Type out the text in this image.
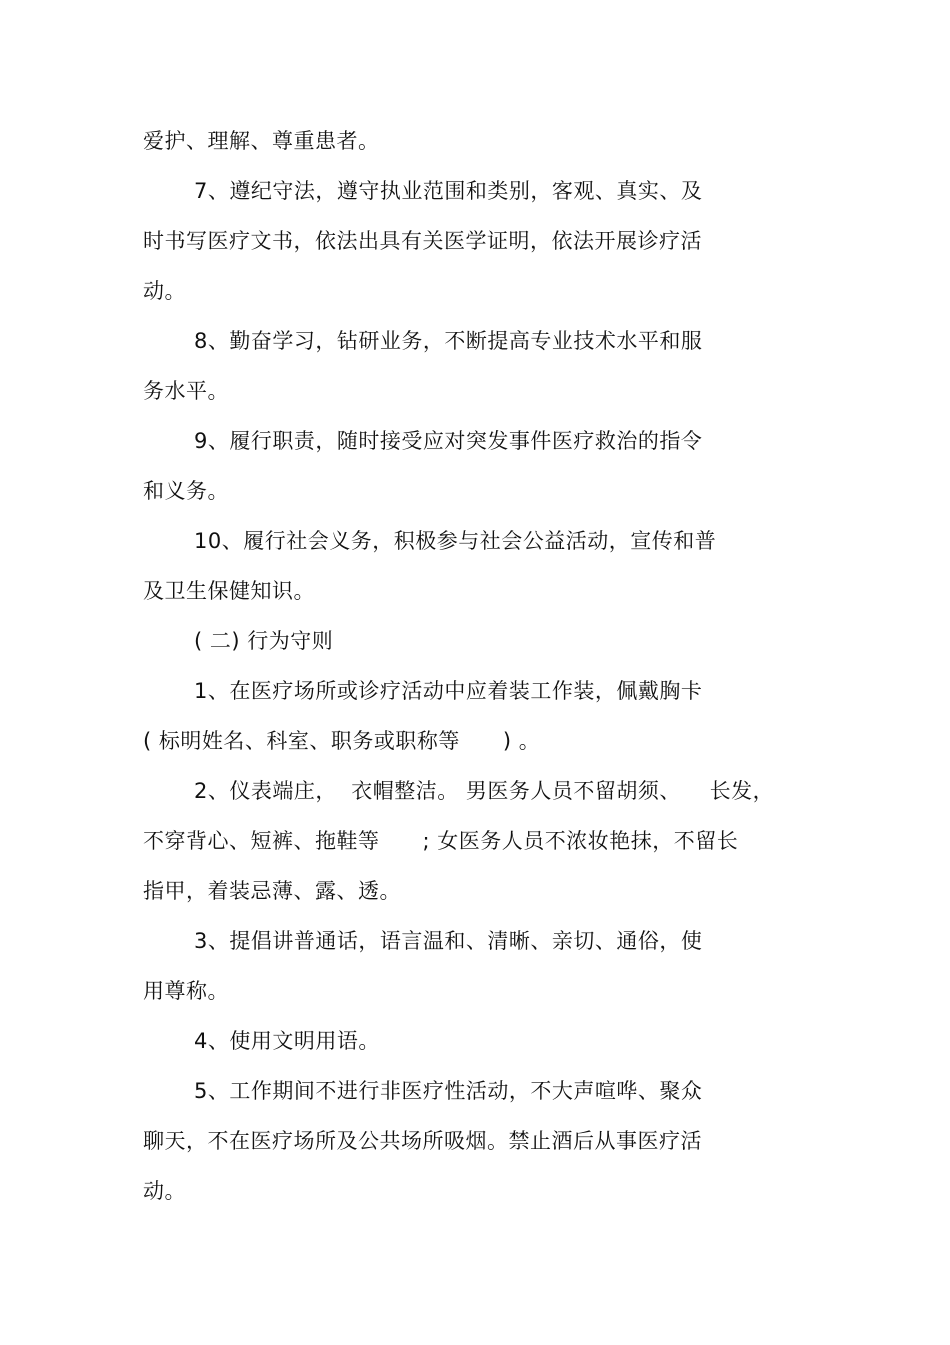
爱护、理解、尊重患者。
7、遵纪守法，遵守执业范围和类别，客观、真实、及
时书写医疗文书，依法出具有关医学证明，依法开展诊疗活
动。
8、勤奋学习，钻研业务，不断提高专业技术水平和服
务水平。
9、履行职责，随时接受应对突发事件医疗救治的指令
和义务。
10、履行社会义务，积极参与社会公益活动，宣传和普
及卫生保健知识。
( 二) 行为守则
1、在医疗场所或诊疗活动中应着装工作装，佩戴胸卡
( 标明姓名、科室、职务或职称等      ) 。
2、仪表端庄，  衣帽整洁。 男医务人员不留胡须、    长发，
不穿背心、短裤、拖鞋等      ; 女医务人员不浓妆艳抹，不留长
指甲，着装忌薄、露、透。
3、提倡讲普通话，语言温和、清晰、亲切、通俗，使
用尊称。
4、使用文明用语。
5、工作期间不进行非医疗性活动，不大声喧哗、聚众
聊天，不在医疗场所及公共场所吸烟。禁止酒后从事医疗活
动。
